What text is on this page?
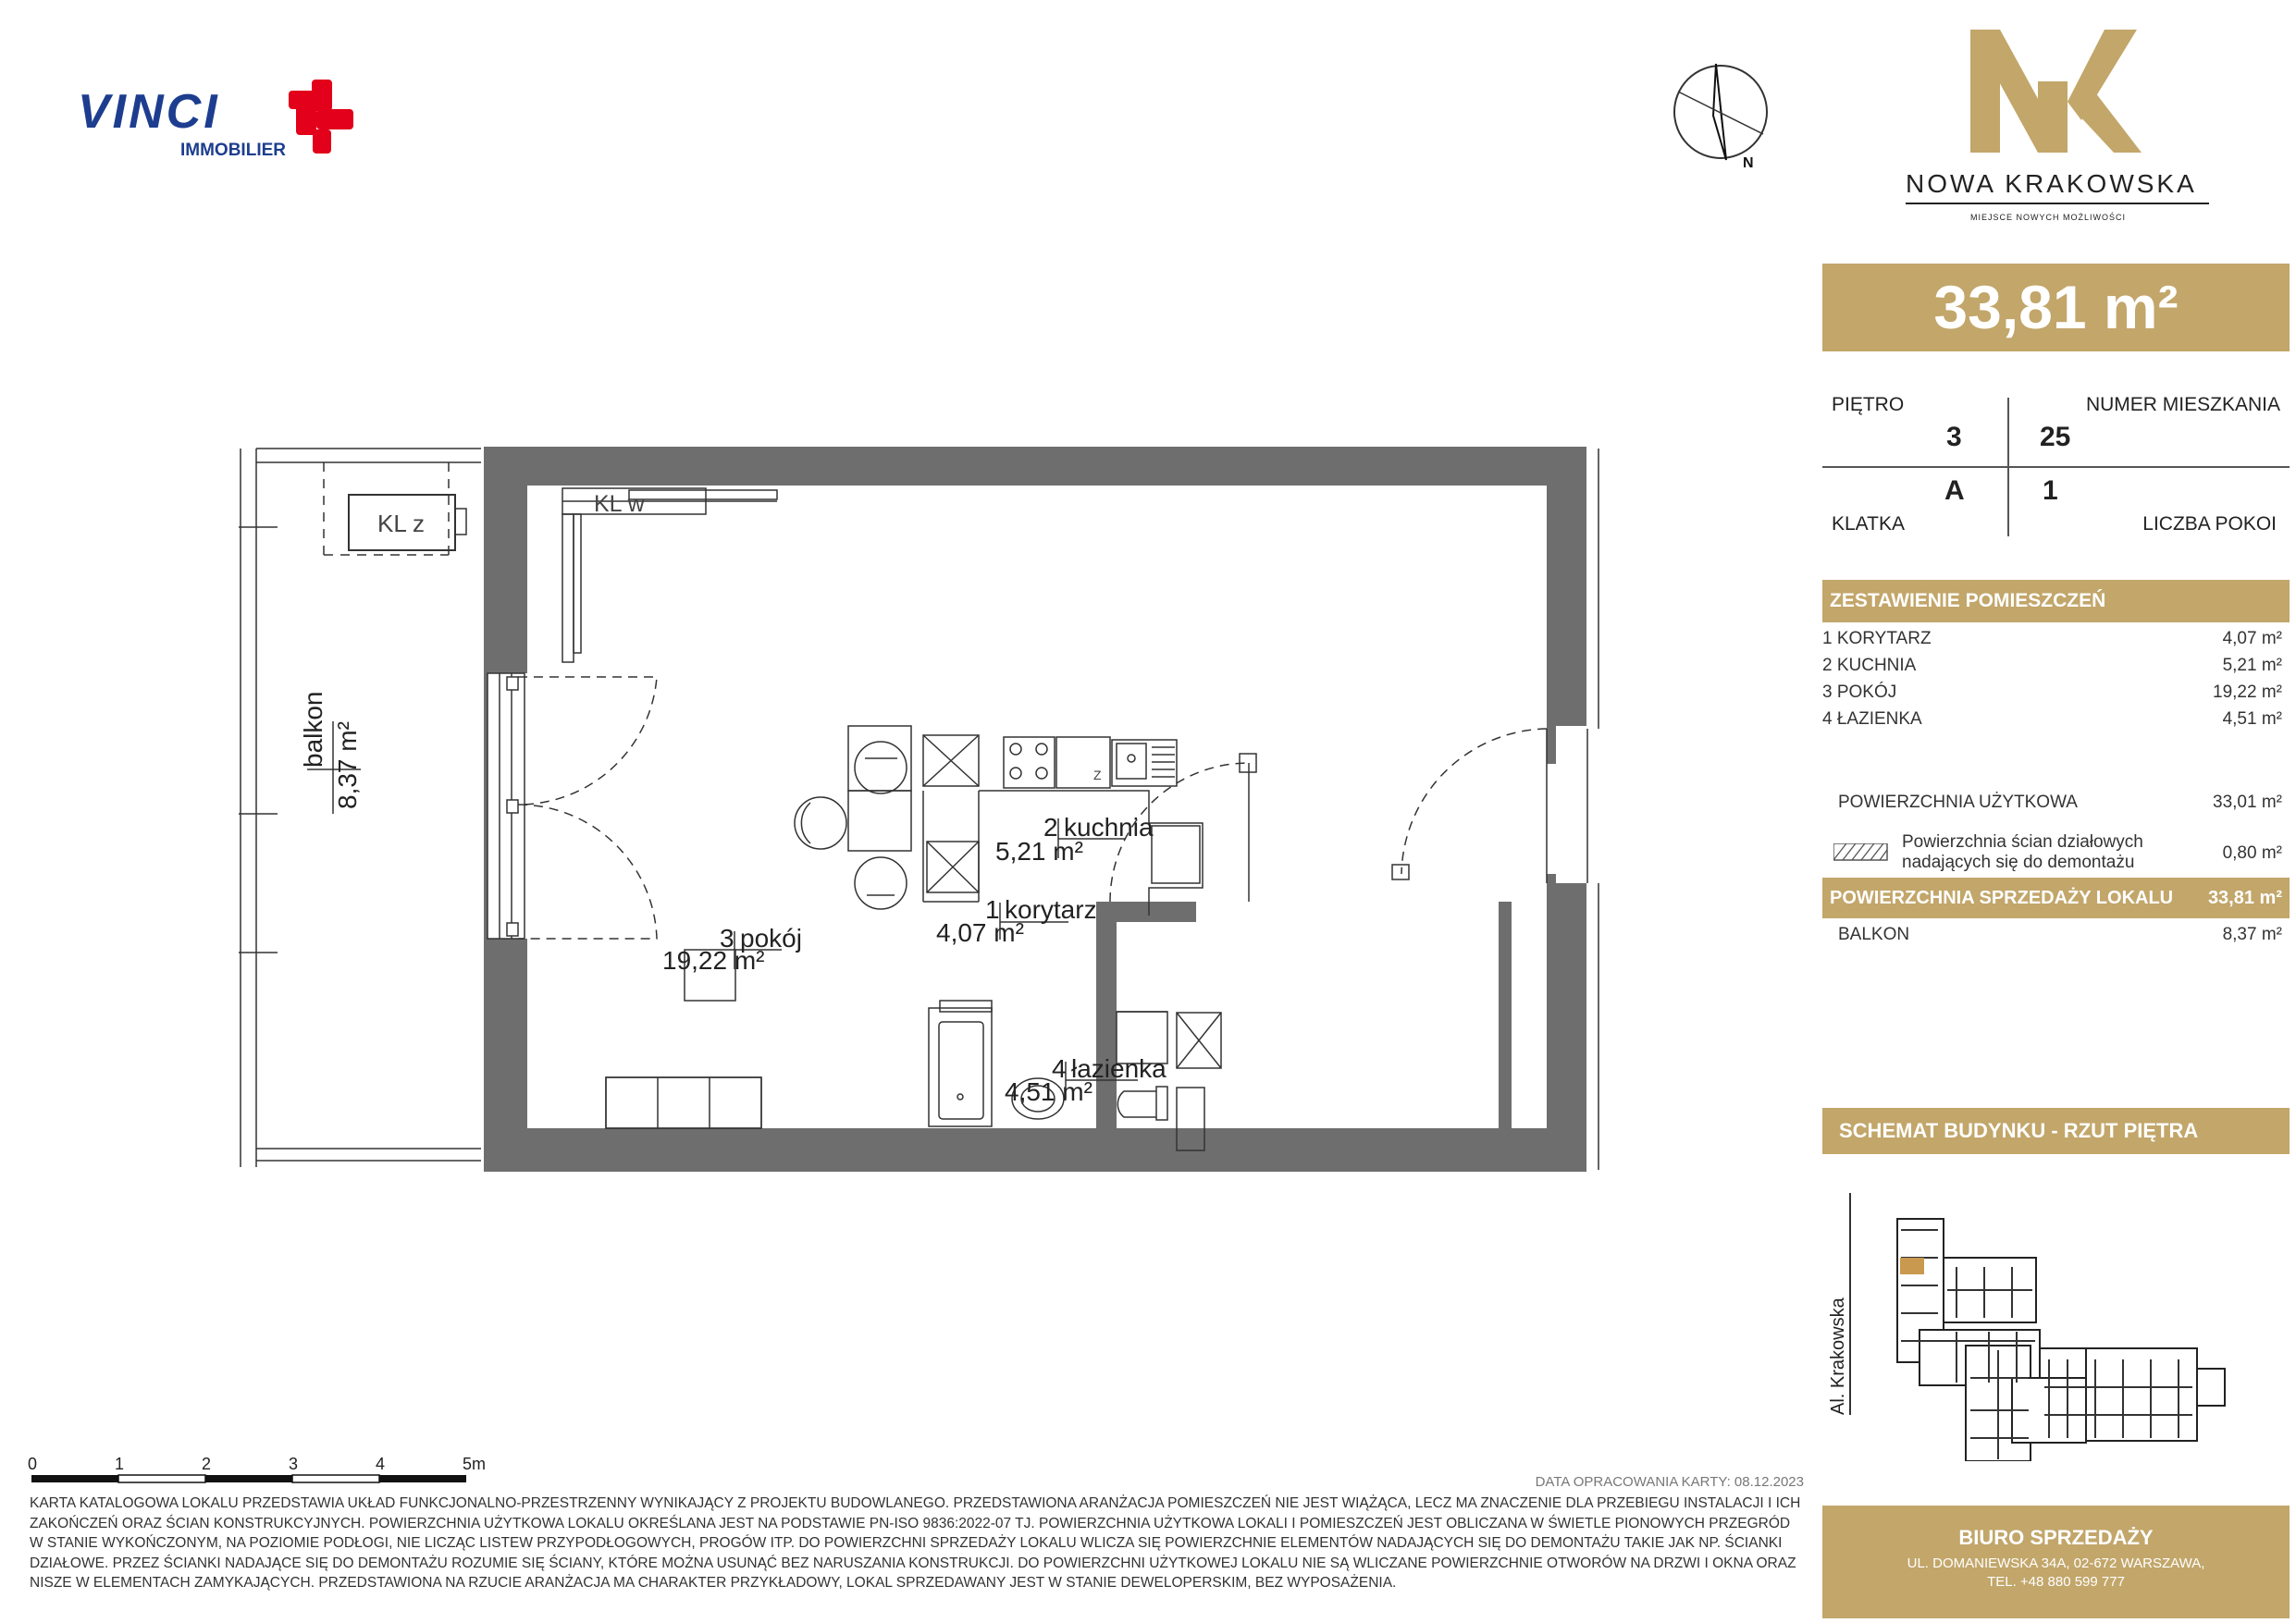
VINCI
IMMOBILIER
N
NOWA KRAKOWSKA
MIEJSCE NOWYCH MOŻLIWOŚCI
33,81 m²
PIĘTRO
3
NUMER MIESZKANIA
25
A
KLATKA
1
LICZBA POKOI
ZESTAWIENIE POMIESZCZEŃ
1 KORYTARZ	4,07 m²
2 KUCHNIA	5,21 m²
3 POKÓJ	19,22 m²
4 ŁAZIENKA	4,51 m²
POWIERZCHNIA UŻYTKOWA	33,01 m²
Powierzchnia ścian działowych
nadających się do demontażu	0,80 m²
POWIERZCHNIA SPRZEDAŻY LOKALU 33,81 m²
BALKON	8,37 m²
SCHEMAT BUDYNKU - RZUT PIĘTRA
Al. Krakowska
BIURO SPRZEDAŻY
UL. DOMANIEWSKA 34A, 02-672 WARSZAWA,
TEL. +48 880 599 777
KL z
balkon 8,37 m²
KL w
Z
2 kuchnia
5,21 m²
1 korytarz
4,07 m²
3 pokój
19,22 m²
4 łazienka
4,51 m²
0	1	2	3	4	5m
DATA OPRACOWANIA KARTY: 08.12.2023
KARTA KATALOGOWA LOKALU PRZEDSTAWIA UKŁAD FUNKCJONALNO-PRZESTRZENNY WYNIKAJĄCY Z PROJEKTU BUDOWLANEGO. PRZEDSTAWIONA ARANŻACJA POMIESZCZEŃ NIE JEST WIĄŻĄCA, LECZ MA ZNACZENIE DLA PRZEBIEGU INSTALACJI I ICH ZAKOŃCZEŃ ORAZ ŚCIAN KONSTRUKCYJNYCH. POWIERZCHNIA UŻYTKOWA LOKALU OKREŚLANA JEST NA PODSTAWIE PN-ISO 9836:2022-07 TJ. POWIERZCHNIA UŻYTKOWA LOKALI I POMIESZCZEŃ JEST OBLICZANA W ŚWIETLE PIONOWYCH PRZEGRÓD W STANIE WYKOŃCZONYM, NA POZIOMIE PODŁOGI, NIE LICZĄC LISTEW PRZYPODŁOGOWYCH, PROGÓW ITP. DO POWIERZCHNI SPRZEDAŻY LOKALU WLICZA SIĘ POWIERZCHNIE ELEMENTÓW NADAJĄCYCH SIĘ DO DEMONTAŻU TAKIE JAK NP. ŚCIANKI DZIAŁOWE. PRZEZ ŚCIANKI NADAJĄCE SIĘ DO DEMONTAŻU ROZUMIE SIĘ ŚCIANY, KTÓRE MOŻNA USUNĄĆ BEZ NARUSZANIA KONSTRUKCJI. DO POWIERZCHNI UŻYTKOWEJ LOKALU NIE SĄ WLICZANE POWIERZCHNIE OTWORÓW NA DRZWI I OKNA ORAZ NISZE W ELEMENTACH ZAMYKAJĄCYCH. PRZEDSTAWIONA NA RZUCIE ARANŻACJA MA CHARAKTER PRZYKŁADOWY, LOKAL SPRZEDAWANY JEST W STANIE DEWELOPERSKIM, BEZ WYPOSAŻENIA.
